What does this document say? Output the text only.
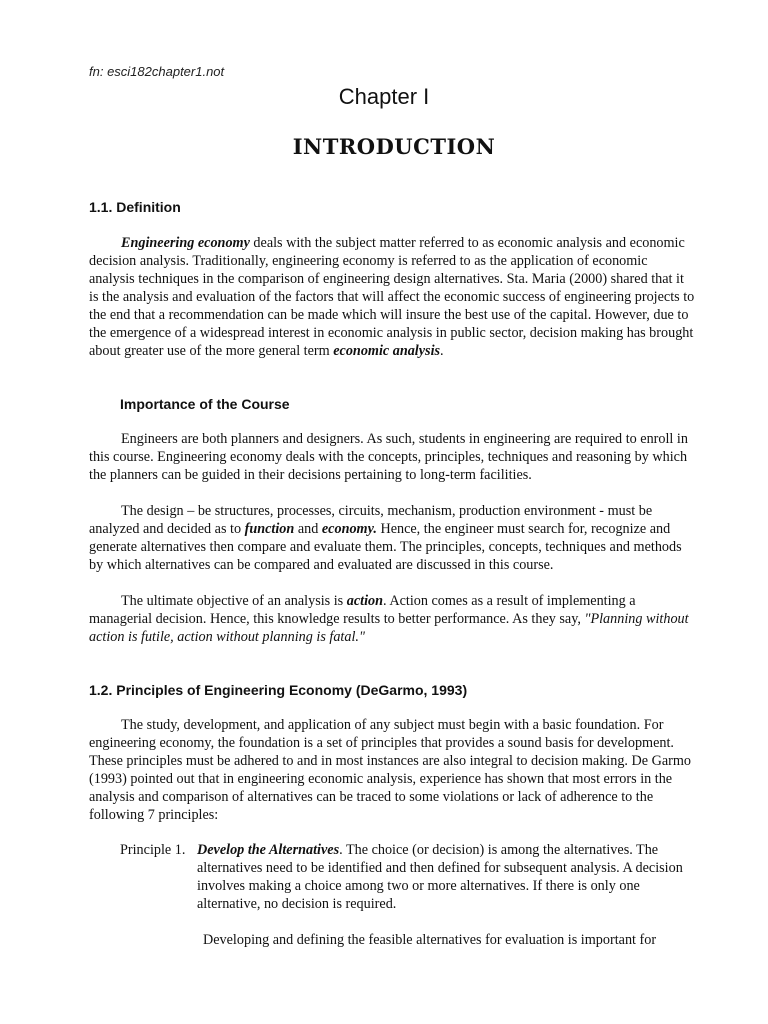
fn: esci182chapter1.not
Chapter I
INTRODUCTION
1.1. Definition

Engineering economy deals with the subject matter referred to as economic analysis and economic decision analysis. Traditionally, engineering economy is referred to as the application of economic analysis techniques in the comparison of engineering design alternatives. Sta. Maria (2000) shared that it is the analysis and evaluation of the factors that will affect the economic success of engineering projects to the end that a recommendation can be made which will insure the best use of the capital. However, due to the emergence of a widespread interest in economic analysis in public sector, decision making has brought about greater use of the more general term economic analysis.

Importance of the Course

Engineers are both planners and designers. As such, students in engineering are required to enroll in this course. Engineering economy deals with the concepts, principles, techniques and reasoning by which the planners can be guided in their decisions pertaining to long-term facilities.

The design – be structures, processes, circuits, mechanism, production environment - must be analyzed and decided as to function and economy. Hence, the engineer must search for, recognize and generate alternatives then compare and evaluate them. The principles, concepts, techniques and methods by which alternatives can be compared and evaluated are discussed in this course.

The ultimate objective of an analysis is action. Action comes as a result of implementing a managerial decision. Hence, this knowledge results to better performance. As they say, "Planning without action is futile, action without planning is fatal."

1.2. Principles of Engineering Economy (DeGarmo, 1993)

The study, development, and application of any subject must begin with a basic foundation. For engineering economy, the foundation is a set of principles that provides a sound basis for development. These principles must be adhered to and in most instances are also integral to decision making. De Garmo (1993) pointed out that in engineering economic analysis, experience has shown that most errors in the analysis and comparison of alternatives can be traced to some violations or lack of adherence to the following 7 principles:

Principle 1. Develop the Alternatives. The choice (or decision) is among the alternatives. The alternatives need to be identified and then defined for subsequent analysis. A decision involves making a choice among two or more alternatives. If there is only one alternative, no decision is required.

Developing and defining the feasible alternatives for evaluation is important for
